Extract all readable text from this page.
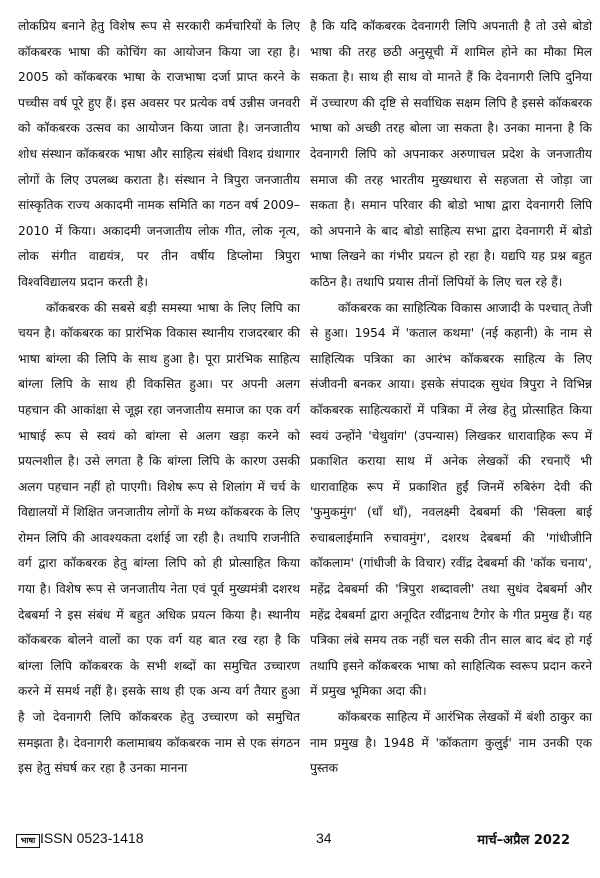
लोकप्रिय बनाने हेतु विशेष रूप से सरकारी कर्मचारियों के लिए कॉकबरक भाषा की कोचिंग का आयोजन किया जा रहा है। 2005 को कॉकबरक भाषा के राजभाषा दर्जा प्राप्त करने के पच्चीस वर्ष पूरे हुए हैं। इस अवसर पर प्रत्येक वर्ष उन्नीस जनवरी को कॉकबरक उत्सव का आयोजन किया जाता है। जनजातीय शोध संस्थान कॉकबरक भाषा और साहित्य संबंधी विशद ग्रंथागार लोगों के लिए उपलब्ध कराता है। संस्थान ने त्रिपुरा जनजातीय सांस्कृतिक राज्य अकादमी नामक समिति का गठन वर्ष 2009–2010 में किया। अकादमी जनजातीय लोक गीत, लोक नृत्य, लोक संगीत वाद्ययंत्र, पर तीन वर्षीय डिप्लोमा त्रिपुरा विश्वविद्यालय प्रदान करती है।

कॉकबरक की सबसे बड़ी समस्या भाषा के लिए लिपि का चयन है। कॉकबरक का प्रारंभिक विकास स्थानीय राजदरबार की भाषा बांग्ला की लिपि के साथ हुआ है। पूरा प्रारंभिक साहित्य बांग्ला लिपि के साथ ही विकसित हुआ। पर अपनी अलग पहचान की आकांक्षा से जूझ रहा जनजातीय समाज का एक वर्ग भाषाई रूप से स्वयं को बांग्ला से अलग खड़ा करने को प्रयत्नशील है। उसे लगता है कि बांग्ला लिपि के कारण उसकी अलग पहचान नहीं हो पाएगी। विशेष रूप से शिलांग में चर्च के विद्यालयों में शिक्षित जनजातीय लोगों के मध्य कॉकबरक के लिए रोमन लिपि की आवश्यकता दर्शाई जा रही है। तथापि राजनीति वर्ग द्वारा कॉकबरक हेतु बांग्ला लिपि को ही प्रोत्साहित किया गया है। विशेष रूप से जनजातीय नेता एवं पूर्व मुख्यमंत्री दशरथ देबबर्मा ने इस संबंध में बहुत अधिक प्रयत्न किया है। स्थानीय कॉकबरक बोलने वालों का एक वर्ग यह बात रख रहा है कि बांग्ला लिपि कॉकबरक के सभी शब्दों का समुचित उच्चारण करने में समर्थ नहीं है। इसके साथ ही एक अन्य वर्ग तैयार हुआ है जो देवनागरी लिपि कॉकबरक हेतु उच्चारण को समुचित समझता है। देवनागरी कलामाबय कॉकबरक नाम से एक संगठन इस हेतु संघर्ष कर रहा है उनका मानना

है कि यदि कॉकबरक देवनागरी लिपि अपनाती है तो उसे बोडो भाषा की तरह छठी अनुसूची में शामिल होने का मौका मिल सकता है। साथ ही साथ वो मानते हैं कि देवनागरी लिपि दुनिया में उच्चारण की दृष्टि से सर्वाधिक सक्षम लिपि है इससे कॉकबरक भाषा को अच्छी तरह बोला जा सकता है। उनका मानना है कि देवनागरी लिपि को अपनाकर अरुणाचल प्रदेश के जनजातीय समाज की तरह भारतीय मुख्यधारा से सहजता से जोड़ा जा सकता है। समान परिवार की बोडो भाषा द्वारा देवनागरी लिपि को अपनाने के बाद बोडो साहित्य सभा द्वारा देवनागरी में बोडो भाषा लिखने का गंभीर प्रयत्न हो रहा है। यद्यपि यह प्रश्न बहुत कठिन है। तथापि प्रयास तीनों लिपियों के लिए चल रहे हैं।

कॉकबरक का साहित्यिक विकास आजादी के पश्चात् तेजी से हुआ। 1954 में 'कताल कथमा' (नई कहानी) के नाम से साहित्यिक पत्रिका का आरंभ कॉकबरक साहित्य के लिए संजीवनी बनकर आया। इसके संपादक सुधंव त्रिपुरा ने विभिन्न कॉकबरक साहित्यकारों में पत्रिका में लेख हेतु प्रोत्साहित किया स्वयं उन्होंने 'चेथुवांग' (उपन्यास) लिखकर धारावाहिक रूप में प्रकाशित कराया साथ में अनेक लेखकों की रचनाएँ भी धारावाहिक रूप में प्रकाशित हुईं जिनमें रुबिरुंग देवी की 'फुमुकमुंग' (धाँ धाँ), नवलक्ष्मी देबबर्मा की 'सिक्ला बाई रुचाबलाईमानि रुचावमुंग', दशरथ देबबर्मा की 'गांधीजीनि कॉकलाम' (गांधीजी के विचार) रवींद्र देबबर्मा की 'कॉक चनाय', महेंद्र देबबर्मा की 'त्रिपुरा शब्दावली' तथा सुधंव देबबर्मा और महेंद्र देबबर्मा द्वारा अनूदित रवींद्रनाथ टैगोर के गीत प्रमुख हैं। यह पत्रिका लंबे समय तक नहीं चल सकी तीन साल बाद बंद हो गई तथापि इसने कॉकबरक भाषा को साहित्यिक स्वरूप प्रदान करने में प्रमुख भूमिका अदा की।

कॉकबरक साहित्य में आरंभिक लेखकों में बंशी ठाकुर का नाम प्रमुख है। 1948 में 'कॉकताग कुलुई' नाम उनकी एक पुस्तक

भाषा ISSN 0523-1418	34	मार्च–अप्रैल 2022
